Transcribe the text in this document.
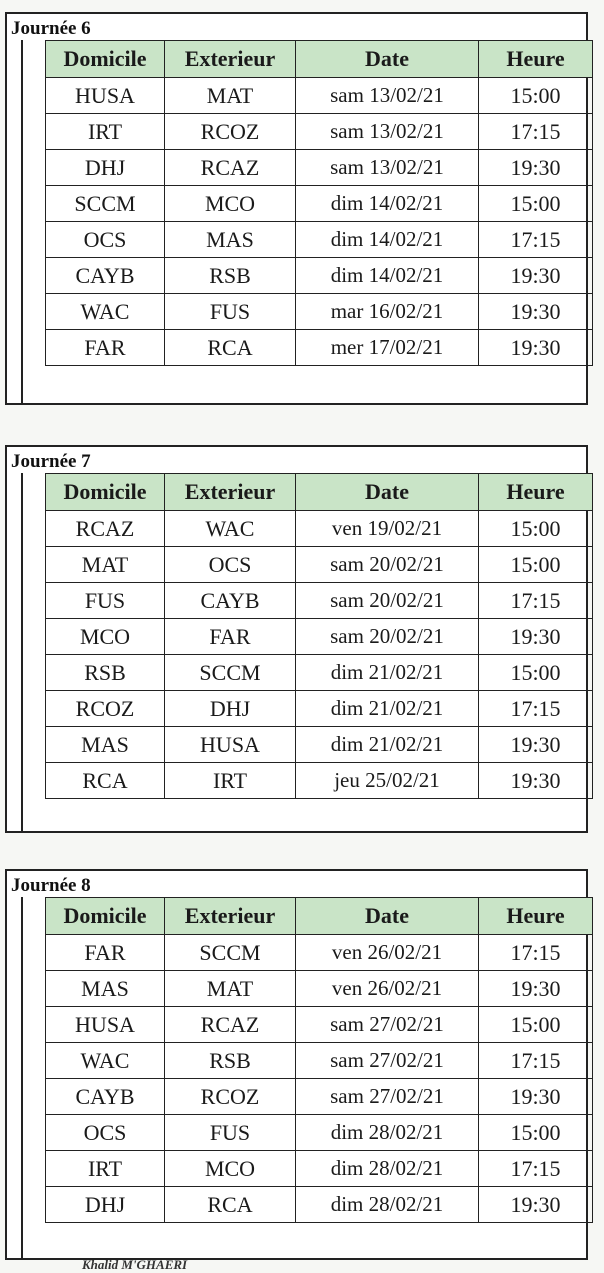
Journée 6
Domicile	Exterieur	Date	Heure
HUSA	MAT	sam 13/02/21	15:00
IRT	RCOZ	sam 13/02/21	17:15
DHJ	RCAZ	sam 13/02/21	19:30
SCCM	MCO	dim 14/02/21	15:00
OCS	MAS	dim 14/02/21	17:15
CAYB	RSB	dim 14/02/21	19:30
WAC	FUS	mar 16/02/21	19:30
FAR	RCA	mer 17/02/21	19:30
Journée 7
Domicile	Exterieur	Date	Heure
RCAZ	WAC	ven 19/02/21	15:00
MAT	OCS	sam 20/02/21	15:00
FUS	CAYB	sam 20/02/21	17:15
MCO	FAR	sam 20/02/21	19:30
RSB	SCCM	dim 21/02/21	15:00
RCOZ	DHJ	dim 21/02/21	17:15
MAS	HUSA	dim 21/02/21	19:30
RCA	IRT	jeu 25/02/21	19:30
Journée 8
Domicile	Exterieur	Date	Heure
FAR	SCCM	ven 26/02/21	17:15
MAS	MAT	ven 26/02/21	19:30
HUSA	RCAZ	sam 27/02/21	15:00
WAC	RSB	sam 27/02/21	17:15
CAYB	RCOZ	sam 27/02/21	19:30
OCS	FUS	dim 28/02/21	15:00
IRT	MCO	dim 28/02/21	17:15
DHJ	RCA	dim 28/02/21	19:30
Khalid M'GHAERI
